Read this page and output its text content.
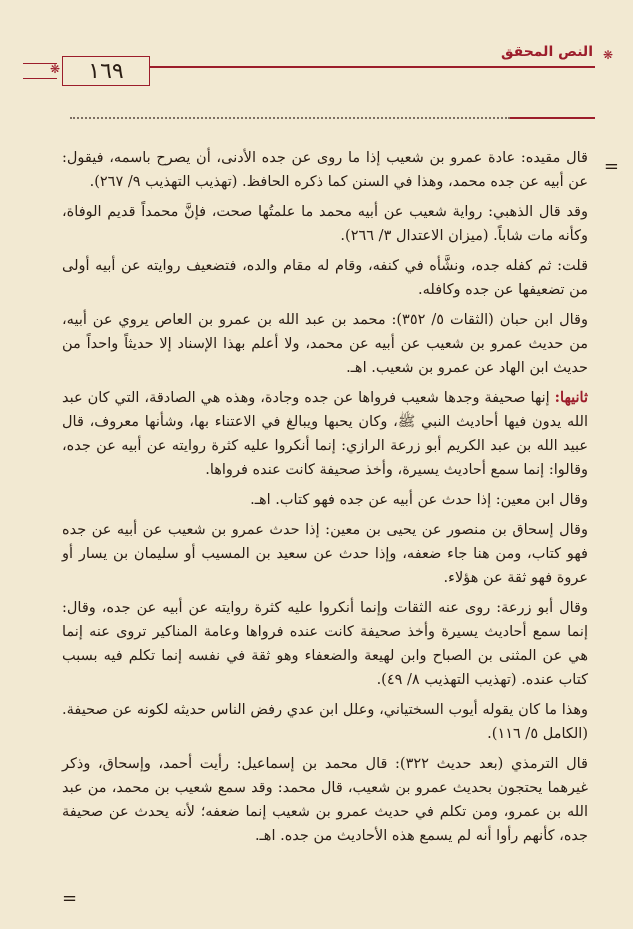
النص المحقق
١٦٩
❋
❋
=

قال مقيده: عادة عمرو بن شعيب إذا ما روى عن جده الأدنى، أن يصرح باسمه، فيقول: عن أبيه عن جده محمد، وهذا في السنن كما ذكره الحافظ. (تهذيب التهذيب ٩/ ٢٦٧).

وقد قال الذهبي: رواية شعيب عن أبيه محمد ما علمتُها صحت، فإنَّ محمداً قديم الوفاة، وكأنه مات شاباً. (ميزان الاعتدال ٣/ ٢٦٦).

قلت: ثم كفله جده، ونشَّأه في كنفه، وقام له مقام والده، فتضعيف روايته عن أبيه أولى من تضعيفها عن جده وكافله.

وقال ابن حبان (الثقات ٥/ ٣٥٢): محمد بن عبد الله بن عمرو بن العاص يروي عن أبيه، من حديث عمرو بن شعيب عن أبيه عن محمد، ولا أعلم بهذا الإسناد إلا حديثاً واحداً من حديث ابن الهاد عن عمرو بن شعيب. اهـ.

ثانيها: إنها صحيفة وجدها شعيب فرواها عن جده وجادة، وهذه هي الصادقة، التي كان عبد الله يدون فيها أحاديث النبي ﷺ، وكان يحبها ويبالغ في الاعتناء بها، وشأنها معروف، قال عبيد الله بن عبد الكريم أبو زرعة الرازي: إنما أنكروا عليه كثرة روايته عن أبيه عن جده، وقالوا: إنما سمع أحاديث يسيرة، وأخذ صحيفة كانت عنده فرواها.

وقال ابن معين: إذا حدث عن أبيه عن جده فهو كتاب. اهـ.

وقال إسحاق بن منصور عن يحيى بن معين: إذا حدث عمرو بن شعيب عن أبيه عن جده فهو كتاب، ومن هنا جاء ضعفه، وإذا حدث عن سعيد بن المسيب أو سليمان بن يسار أو عروة فهو ثقة عن هؤلاء.

وقال أبو زرعة: روى عنه الثقات وإنما أنكروا عليه كثرة روايته عن أبيه عن جده، وقال: إنما سمع أحاديث يسيرة وأخذ صحيفة كانت عنده فرواها وعامة المناكير تروى عنه إنما هي عن المثنى بن الصباح وابن لهيعة والضعفاء وهو ثقة في نفسه إنما تكلم فيه بسبب كتاب عنده. (تهذيب التهذيب ٨/ ٤٩).

وهذا ما كان يقوله أيوب السختياني، وعلل ابن عدي رفض الناس حديثه لكونه عن صحيفة. (الكامل ٥/ ١١٦).

قال الترمذي (بعد حديث ٣٢٢): قال محمد بن إسماعيل: رأيت أحمد، وإسحاق، وذكر غيرهما يحتجون بحديث عمرو بن شعيب، قال محمد: وقد سمع شعيب بن محمد، من عبد الله بن عمرو، ومن تكلم في حديث عمرو بن شعيب إنما ضعفه؛ لأنه يحدث عن صحيفة جده، كأنهم رأوا أنه لم يسمع هذه الأحاديث من جده. اهـ.

=
